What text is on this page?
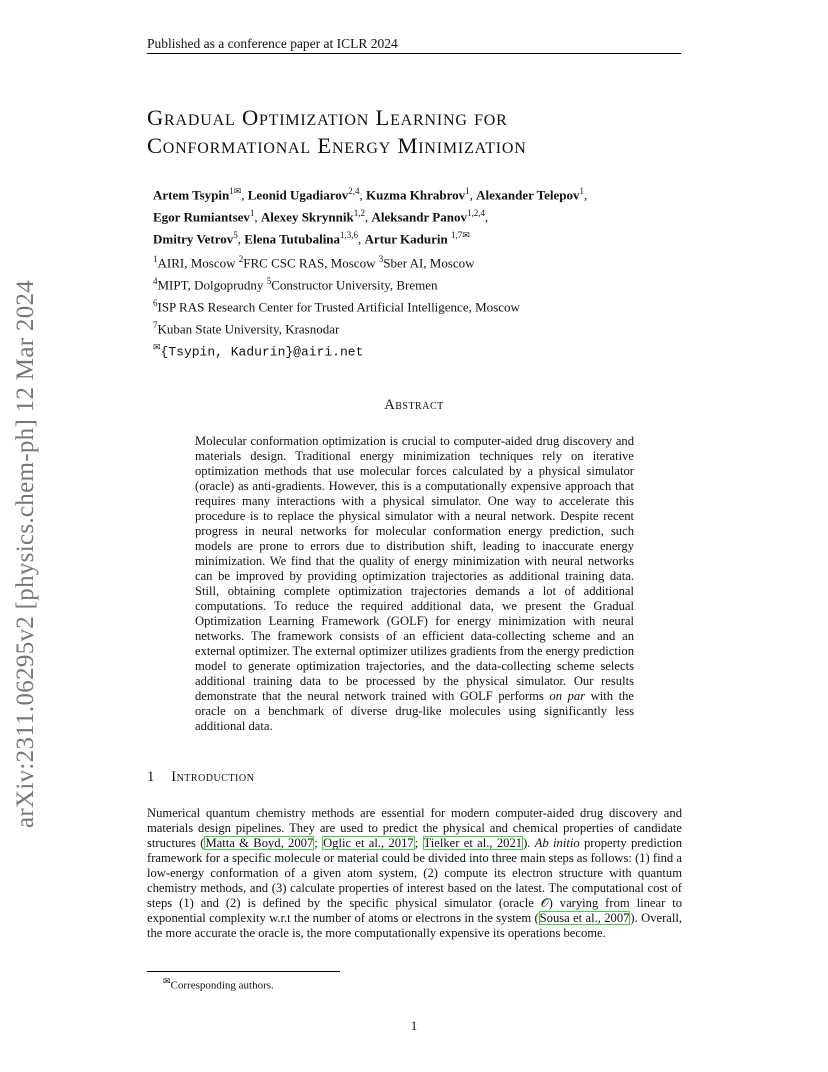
Published as a conference paper at ICLR 2024
arXiv:2311.06295v2 [physics.chem-ph] 12 Mar 2024
Gradual Optimization Learning for
Conformational Energy Minimization
Artem Tsypin$^{1✉}$, Leonid Ugadiarov$^{2,4}$, Kuzma Khrabrov$^1$, Alexander Telepov$^1$,
Egor Rumiantsev$^1$, Alexey Skrynnik$^{1,2}$, Aleksandr Panov$^{1,2,4}$,
Dmitry Vetrov$^5$, Elena Tutubalina$^{1,3,6}$, Artur Kadurin $^{1,7✉}$
$^1$AIRI, Moscow $^2$FRC CSC RAS, Moscow $^3$Sber AI, Moscow
$^4$MIPT, Dolgoprudny $^5$Constructor University, Bremen
$^6$ISP RAS Research Center for Trusted Artificial Intelligence, Moscow
$^7$Kuban State University, Krasnodar
✉{Tsypin, Kadurin}@airi.net
Abstract
Molecular conformation optimization is crucial to computer-aided drug discovery and materials design. Traditional energy minimization techniques rely on iterative optimization methods that use molecular forces calculated by a physical simulator (oracle) as anti-gradients. However, this is a computationally expensive approach that requires many interactions with a physical simulator. One way to accelerate this procedure is to replace the physical simulator with a neural network. Despite recent progress in neural networks for molecular conformation energy prediction, such models are prone to errors due to distribution shift, leading to inaccurate energy minimization. We find that the quality of energy minimization with neural networks can be improved by providing optimization trajectories as additional training data. Still, obtaining complete optimization trajectories demands a lot of additional computations. To reduce the required additional data, we present the Gradual Optimization Learning Framework (GOLF) for energy minimization with neural networks. The framework consists of an efficient data-collecting scheme and an external optimizer. The external optimizer utilizes gradients from the energy prediction model to generate optimization trajectories, and the data-collecting scheme selects additional training data to be processed by the physical simulator. Our results demonstrate that the neural network trained with GOLF performs on par with the oracle on a benchmark of diverse drug-like molecules using significantly less additional data.
1 Introduction
Numerical quantum chemistry methods are essential for modern computer-aided drug discovery and materials design pipelines. They are used to predict the physical and chemical properties of candidate structures (Matta & Boyd, 2007; Oglic et al., 2017; Tielker et al., 2021). Ab initio property prediction framework for a specific molecule or material could be divided into three main steps as follows: (1) find a low-energy conformation of a given atom system, (2) compute its electron structure with quantum chemistry methods, and (3) calculate properties of interest based on the latest. The computational cost of steps (1) and (2) is defined by the specific physical simulator (oracle 𝒪) varying from linear to exponential complexity w.r.t the number of atoms or electrons in the system (Sousa et al., 2007). Overall, the more accurate the oracle is, the more computationally expensive its operations become.
✉Corresponding authors.
1
